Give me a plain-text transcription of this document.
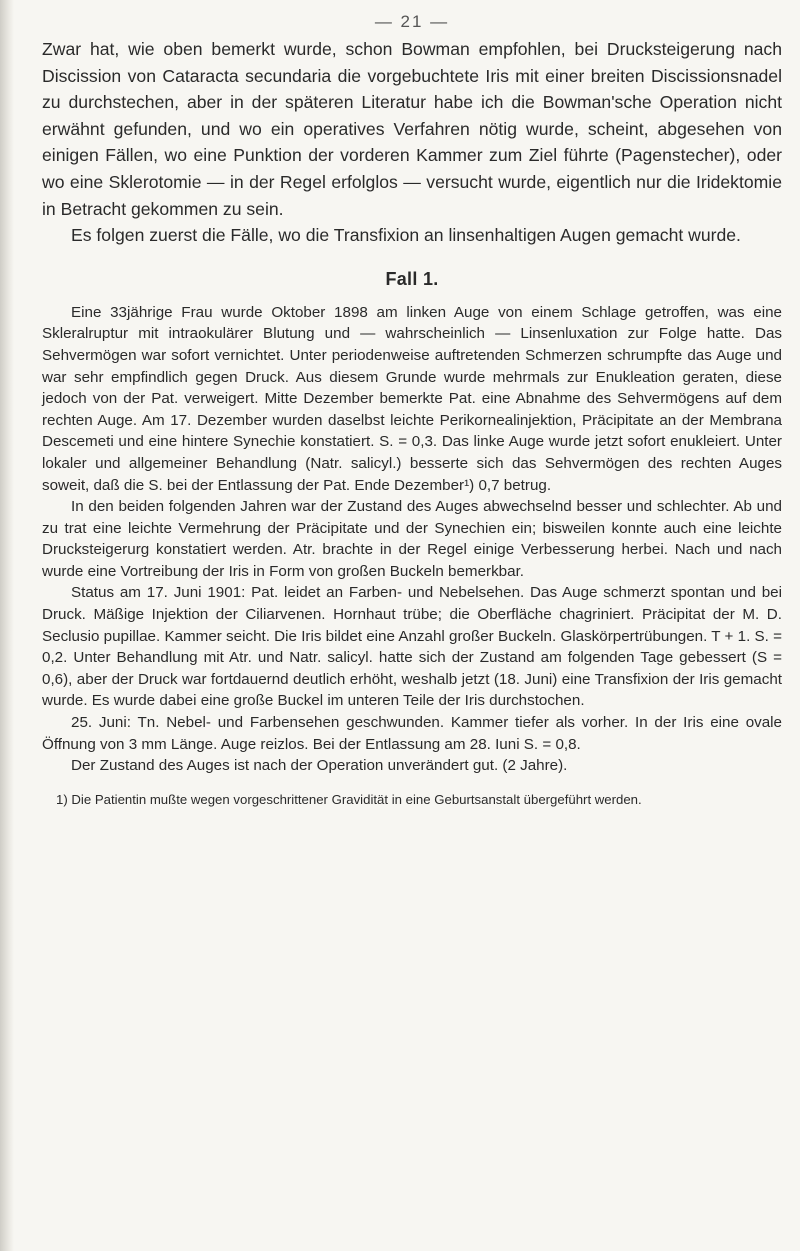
— 21 —

Zwar hat, wie oben bemerkt wurde, schon Bowman empfohlen, bei Drucksteigerung nach Discission von Cataracta secundaria die vorgebuchtete Iris mit einer breiten Discissionsnadel zu durchstechen, aber in der späteren Literatur habe ich die Bowman'sche Operation nicht erwähnt gefunden, und wo ein operatives Verfahren nötig wurde, scheint, abgesehen von einigen Fällen, wo eine Punktion der vorderen Kammer zum Ziel führte (Pagenstecher), oder wo eine Sklerotomie — in der Regel erfolglos — versucht wurde, eigentlich nur die Iridektomie in Betracht gekommen zu sein.

Es folgen zuerst die Fälle, wo die Transfixion an linsenhaltigen Augen gemacht wurde.

Fall 1.

Eine 33jährige Frau wurde Oktober 1898 am linken Auge von einem Schlage getroffen, was eine Skleralruptur mit intraokulärer Blutung und — wahrscheinlich — Linsenluxation zur Folge hatte. Das Sehvermögen war sofort vernichtet. Unter periodenweise auftretenden Schmerzen schrumpfte das Auge und war sehr empfindlich gegen Druck. Aus diesem Grunde wurde mehrmals zur Enukleation geraten, diese jedoch von der Pat. verweigert. Mitte Dezember bemerkte Pat. eine Abnahme des Sehvermögens auf dem rechten Auge. Am 17. Dezember wurden daselbst leichte Perikornealinjektion, Präcipitate an der Membrana Descemeti und eine hintere Synechie konstatiert. S. = 0,3. Das linke Auge wurde jetzt sofort enukleiert. Unter lokaler und allgemeiner Behandlung (Natr. salicyl.) besserte sich das Sehvermögen des rechten Auges soweit, daß die S. bei der Entlassung der Pat. Ende Dezember¹) 0,7 betrug.

In den beiden folgenden Jahren war der Zustand des Auges abwechselnd besser und schlechter. Ab und zu trat eine leichte Vermehrung der Präcipitate und der Synechien ein; bisweilen konnte auch eine leichte Drucksteigerurg konstatiert werden. Atr. brachte in der Regel einige Verbesserung herbei. Nach und nach wurde eine Vortreibung der Iris in Form von großen Buckeln bemerkbar.

Status am 17. Juni 1901: Pat. leidet an Farben- und Nebelsehen. Das Auge schmerzt spontan und bei Druck. Mäßige Injektion der Ciliarvenen. Hornhaut trübe; die Oberfläche chagriniert. Präcipitat der M. D. Seclusio pupillae. Kammer seicht. Die Iris bildet eine Anzahl großer Buckeln. Glaskörpertrübungen. T + 1. S. = 0,2. Unter Behandlung mit Atr. und Natr. salicyl. hatte sich der Zustand am folgenden Tage gebessert (S = 0,6), aber der Druck war fortdauernd deutlich erhöht, weshalb jetzt (18. Juni) eine Transfixion der Iris gemacht wurde. Es wurde dabei eine große Buckel im unteren Teile der Iris durchstochen.

25. Juni: Tn. Nebel- und Farbensehen geschwunden. Kammer tiefer als vorher. In der Iris eine ovale Öffnung von 3 mm Länge. Auge reizlos. Bei der Entlassung am 28. Iuni S. = 0,8.

Der Zustand des Auges ist nach der Operation unverändert gut. (2 Jahre).

1) Die Patientin mußte wegen vorgeschrittener Gravidität in eine Geburtsanstalt übergeführt werden.
